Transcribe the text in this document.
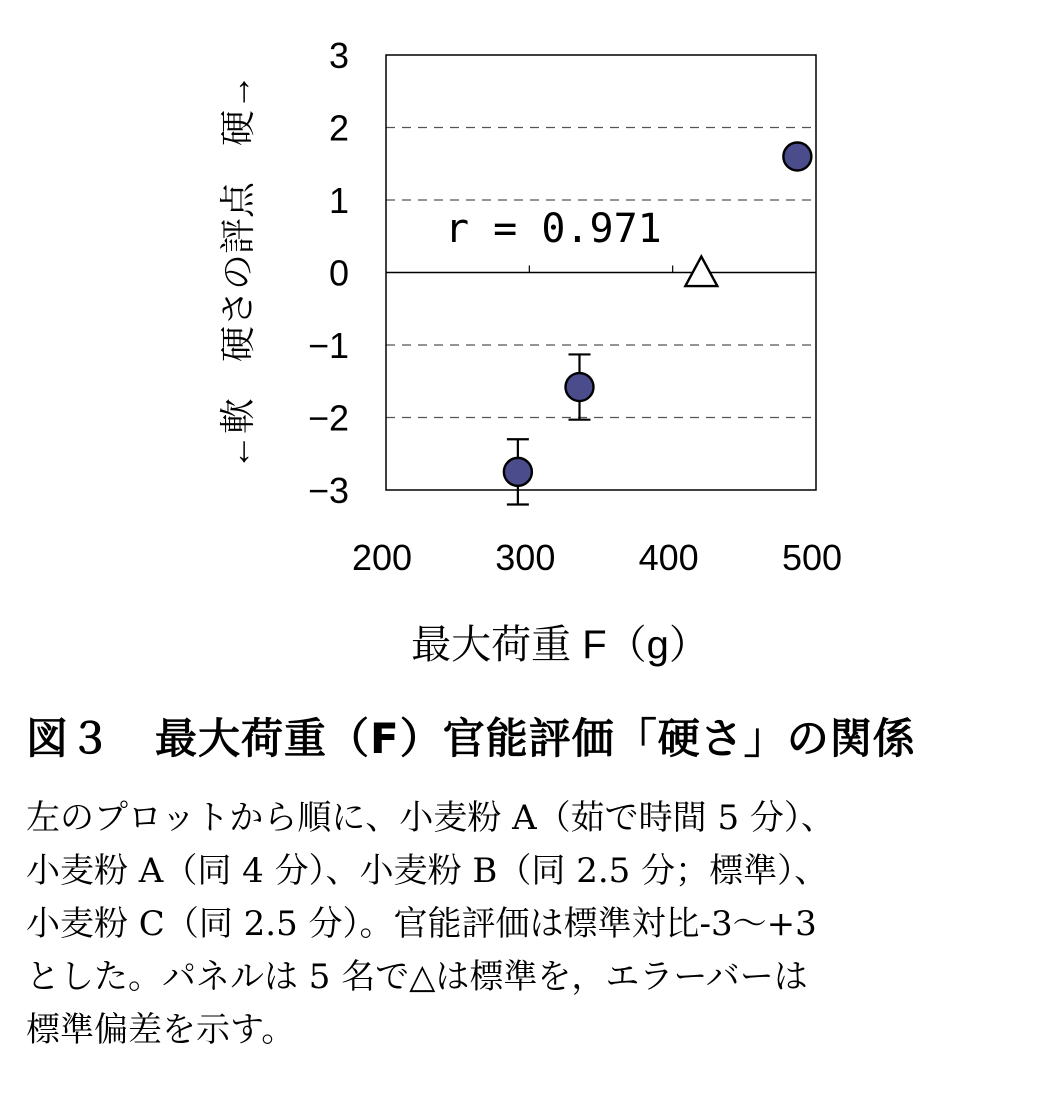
3
2
1
0
−1
−2
−3
200 300 400 500
r = 0.971
最大荷重 F（g）
←軟　硬さの評点　硬→
図３　最大荷重（F）官能評価「硬さ」の関係
左のプロットから順に、小麦粉 A（茹で時間 5 分）、
小麦粉 A（同 4 分）、小麦粉 B（同 2.5 分；標準）、
小麦粉 C（同 2.5 分）。官能評価は標準対比-3～+3
とした。パネルは 5 名で△は標準を，エラーバーは
標準偏差を示す。
